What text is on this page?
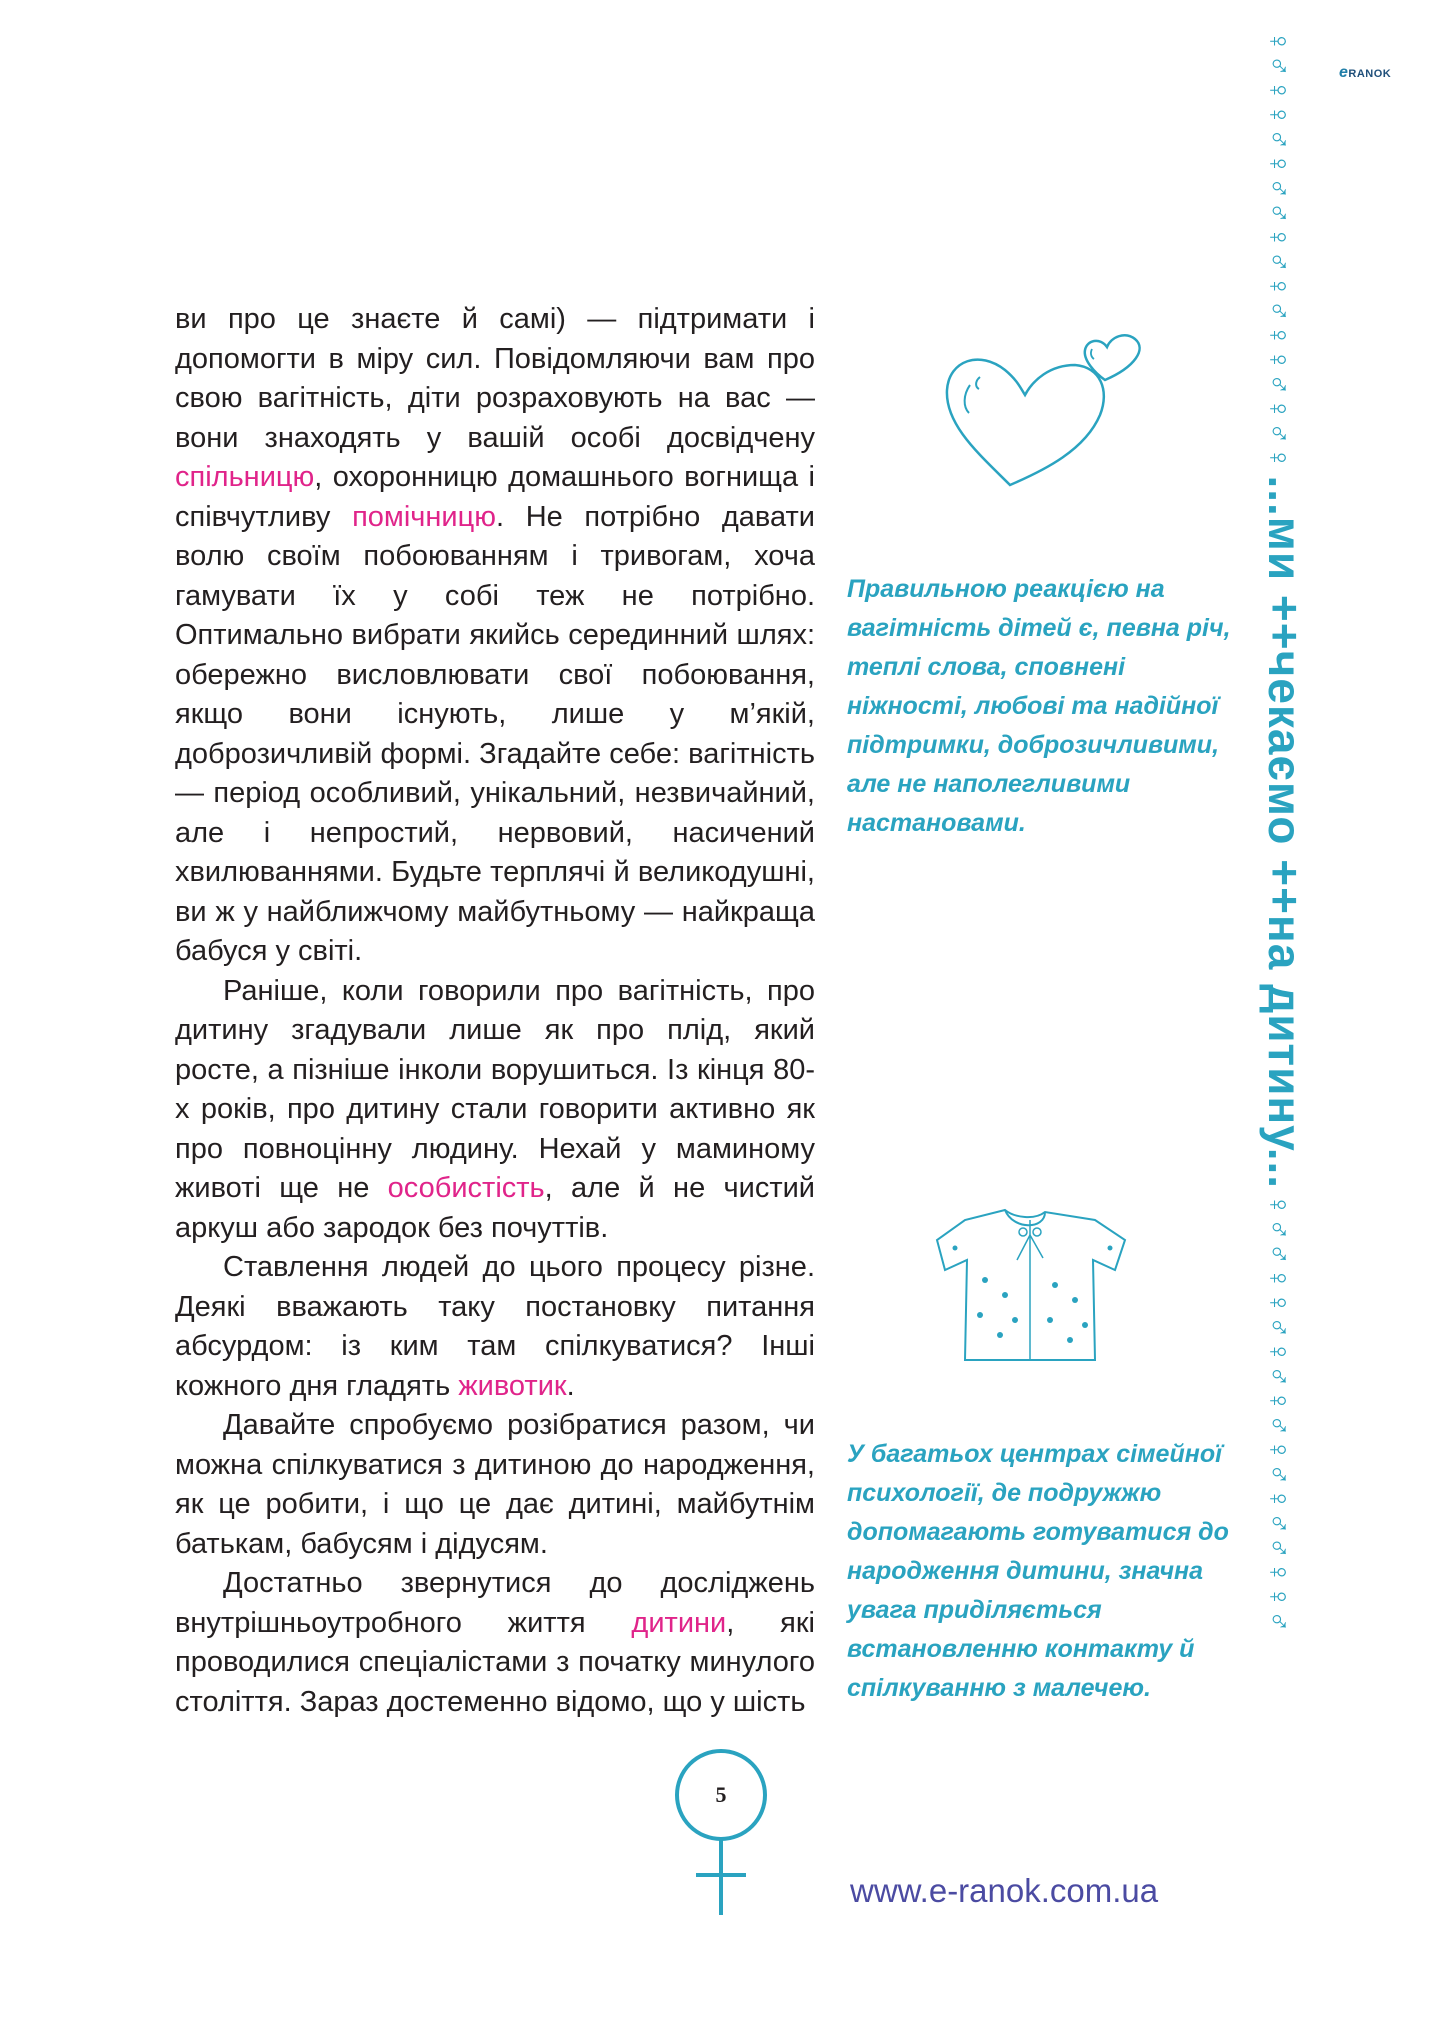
eRANOK
♀♂♀♀♂♀♂♂♀♂♀♂♀♀♂♀♂♀ ...ми ++чекаємо ++на дитину... ♀♂♂♀♀♂♀♂♀♂♀♂♀♂♂♀♀♂

ви про це знаєте й самі) — підтримати і допомогти в міру сил. Повідомляючи вам про свою вагітність, діти розраховують на вас — вони знаходять у вашій особі досвідчену спільницю, охоронницю домашнього вогнища і співчутливу помічницю. Не потрібно давати волю своїм побоюванням і тривогам, хоча гамувати їх у собі теж не потрібно. Оптимально вибрати якийсь серединний шлях: обережно висловлювати свої побоювання, якщо вони існують, лише у м’якій, доброзичливій формі. Згадайте себе: вагітність — період особливий, унікальний, незвичайний, але і непростий, нервовий, насичений хвилюваннями. Будьте терплячі й великодушні, ви ж у найближчому майбутньому — найкраща бабуся у світі.

Раніше, коли говорили про вагітність, про дитину згадували лише як про плід, який росте, а пізніше інколи ворушиться. Із кінця 80-х років, про дитину стали говорити активно як про повноцінну людину. Нехай у маминому животі ще не особистість, але й не чистий аркуш або зародок без почуттів.

Ставлення людей до цього процесу різне. Деякі вважають таку постановку питання абсурдом: із ким там спілкуватися? Інші кожного дня гладять животик.

Давайте спробуємо розібратися разом, чи можна спілкуватися з дитиною до народження, як це робити, і що це дає дитині, майбутнім батькам, бабусям і дідусям.

Достатньо звернутися до досліджень внутрішньоутробного життя дитини, які проводилися спеціалістами з початку минулого століття. Зараз достеменно відомо, що у шість

Правильною реакцією на вагітність дітей є, певна річ, теплі слова, сповнені ніжності, любові та надійної підтримки, доброзичливими, але не наполегливими настановами.
У багатьох центрах сімейної психології, де подружжю допомагають готуватися до народження дитини, значна увага приділяється встановленню контакту й спілкуванню з малечею.
5
www.e-ranok.com.ua
